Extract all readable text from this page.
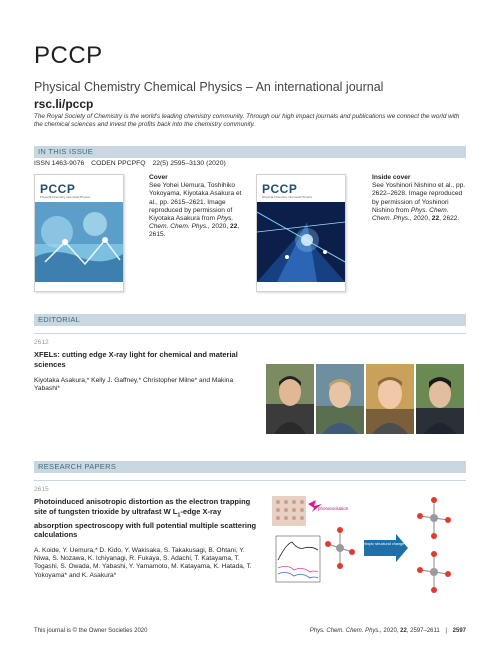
PCCP
Physical Chemistry Chemical Physics – An international journal
rsc.li/pccp
The Royal Society of Chemistry is the world's leading chemistry community. Through our high impact journals and publications we connect the world with the chemical sciences and invest the profits back into the chemistry community.
IN THIS ISSUE
ISSN 1463-9076 CODEN PPCPFQ 22(5) 2595–3130 (2020)
PCCP
Physical Chemistry Chemical Physics
Cover
See Yohei Uemura, Toshihiko Yokoyama, Kiyotaka Asakura et al., pp. 2615–2621. Image reproduced by permission of Kiyotaka Asakura from Phys. Chem. Chem. Phys., 2020, 22, 2615.
PCCP
Physical Chemistry Chemical Physics
Inside cover
See Yoshinori Nishino et al., pp. 2622–2628. Image reproduced by permission of Yoshinori Nishino from Phys. Chem. Chem. Phys., 2020, 22, 2622.
EDITORIAL
2612
XFELs: cutting edge X-ray light for chemical and material sciences
Kiyotaka Asakura,* Kelly J. Gaffney,* Christopher Milne* and Makina Yabashi*
RESEARCH PAPERS
2615
Photoinduced anisotropic distortion as the electron trapping site of tungsten trioxide by ultrafast W $L_1$-edge X-ray absorption spectroscopy with full potential multiple scattering calculations
A. Koide, Y. Uemura,* D. Kido, Y. Wakisaka, S. Takakusagi, B. Ohtani, Y. Niwa, S. Nozawa, K. Ichiyanagi, R. Fukaya, S. Adachi, T. Katayama, T. Togashi, S. Owada, M. Yabashi, Y. Yamamoto, M. Katayama, K. Hatada, T. Yokoyama* and K. Asakura*
photoexcitation
anisotropic structural change
This journal is © the Owner Societies 2020	Phys. Chem. Chem. Phys., 2020, 22, 2597–2611 | 2597
